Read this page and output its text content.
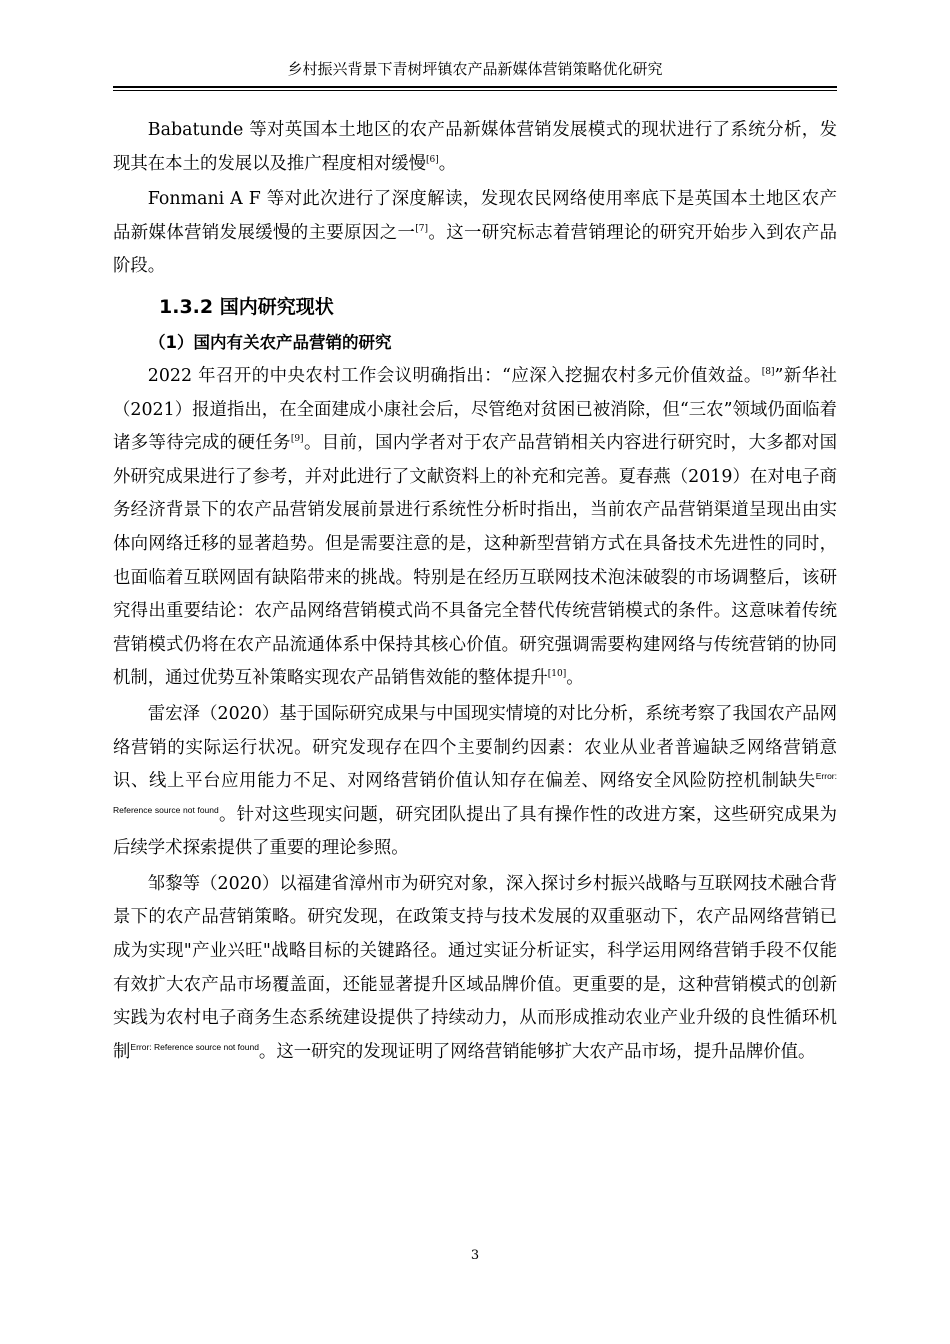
乡村振兴背景下青树坪镇农产品新媒体营销策略优化研究

Babatunde 等对英国本土地区的农产品新媒体营销发展模式的现状进行了系统分析，发现其在本土的发展以及推广程度相对缓慢[6]。

Fonmani A F 等对此次进行了深度解读，发现农民网络使用率底下是英国本土地区农产品新媒体营销发展缓慢的主要原因之一[7]。这一研究标志着营销理论的研究开始步入到农产品阶段。

1.3.2 国内研究现状
（1）国内有关农产品营销的研究

2022 年召开的中央农村工作会议明确指出：“应深入挖掘农村多元价值效益。[8]”新华社（2021）报道指出，在全面建成小康社会后，尽管绝对贫困已被消除，但“三农”领域仍面临着诸多等待完成的硬任务[9]。目前，国内学者对于农产品营销相关内容进行研究时，大多都对国外研究成果进行了参考，并对此进行了文献资料上的补充和完善。夏春燕（2019）在对电子商务经济背景下的农产品营销发展前景进行系统性分析时指出，当前农产品营销渠道呈现出由实体向网络迁移的显著趋势。但是需要注意的是，这种新型营销方式在具备技术先进性的同时，也面临着互联网固有缺陷带来的挑战。特别是在经历互联网技术泡沫破裂的市场调整后，该研究得出重要结论：农产品网络营销模式尚不具备完全替代传统营销模式的条件。这意味着传统营销模式仍将在农产品流通体系中保持其核心价值。研究强调需要构建网络与传统营销的协同机制，通过优势互补策略实现农产品销售效能的整体提升[10]。

雷宏泽（2020）基于国际研究成果与中国现实情境的对比分析，系统考察了我国农产品网络营销的实际运行状况。研究发现存在四个主要制约因素：农业从业者普遍缺乏网络营销意识、线上平台应用能力不足、对网络营销价值认知存在偏差、网络安全风险防控机制缺失$^{Error: Reference source not found}$。针对这些现实问题，研究团队提出了具有操作性的改进方案，这些研究成果为后续学术探索提供了重要的理论参照。

邹黎等（2020）以福建省漳州市为研究对象，深入探讨乡村振兴战略与互联网技术融合背景下的农产品营销策略。研究发现，在政策支持与技术发展的双重驱动下，农产品网络营销已成为实现"产业兴旺"战略目标的关键路径。通过实证分析证实，科学运用网络营销手段不仅能有效扩大农产品市场覆盖面，还能显著提升区域品牌价值。更重要的是，这种营销模式的创新实践为农村电子商务生态系统建设提供了持续动力，从而形成推动农业产业升级的良性循环机制$^{Error: Reference source not found}$。这一研究的发现证明了网络营销能够扩大农产品市场，提升品牌价值。

3
